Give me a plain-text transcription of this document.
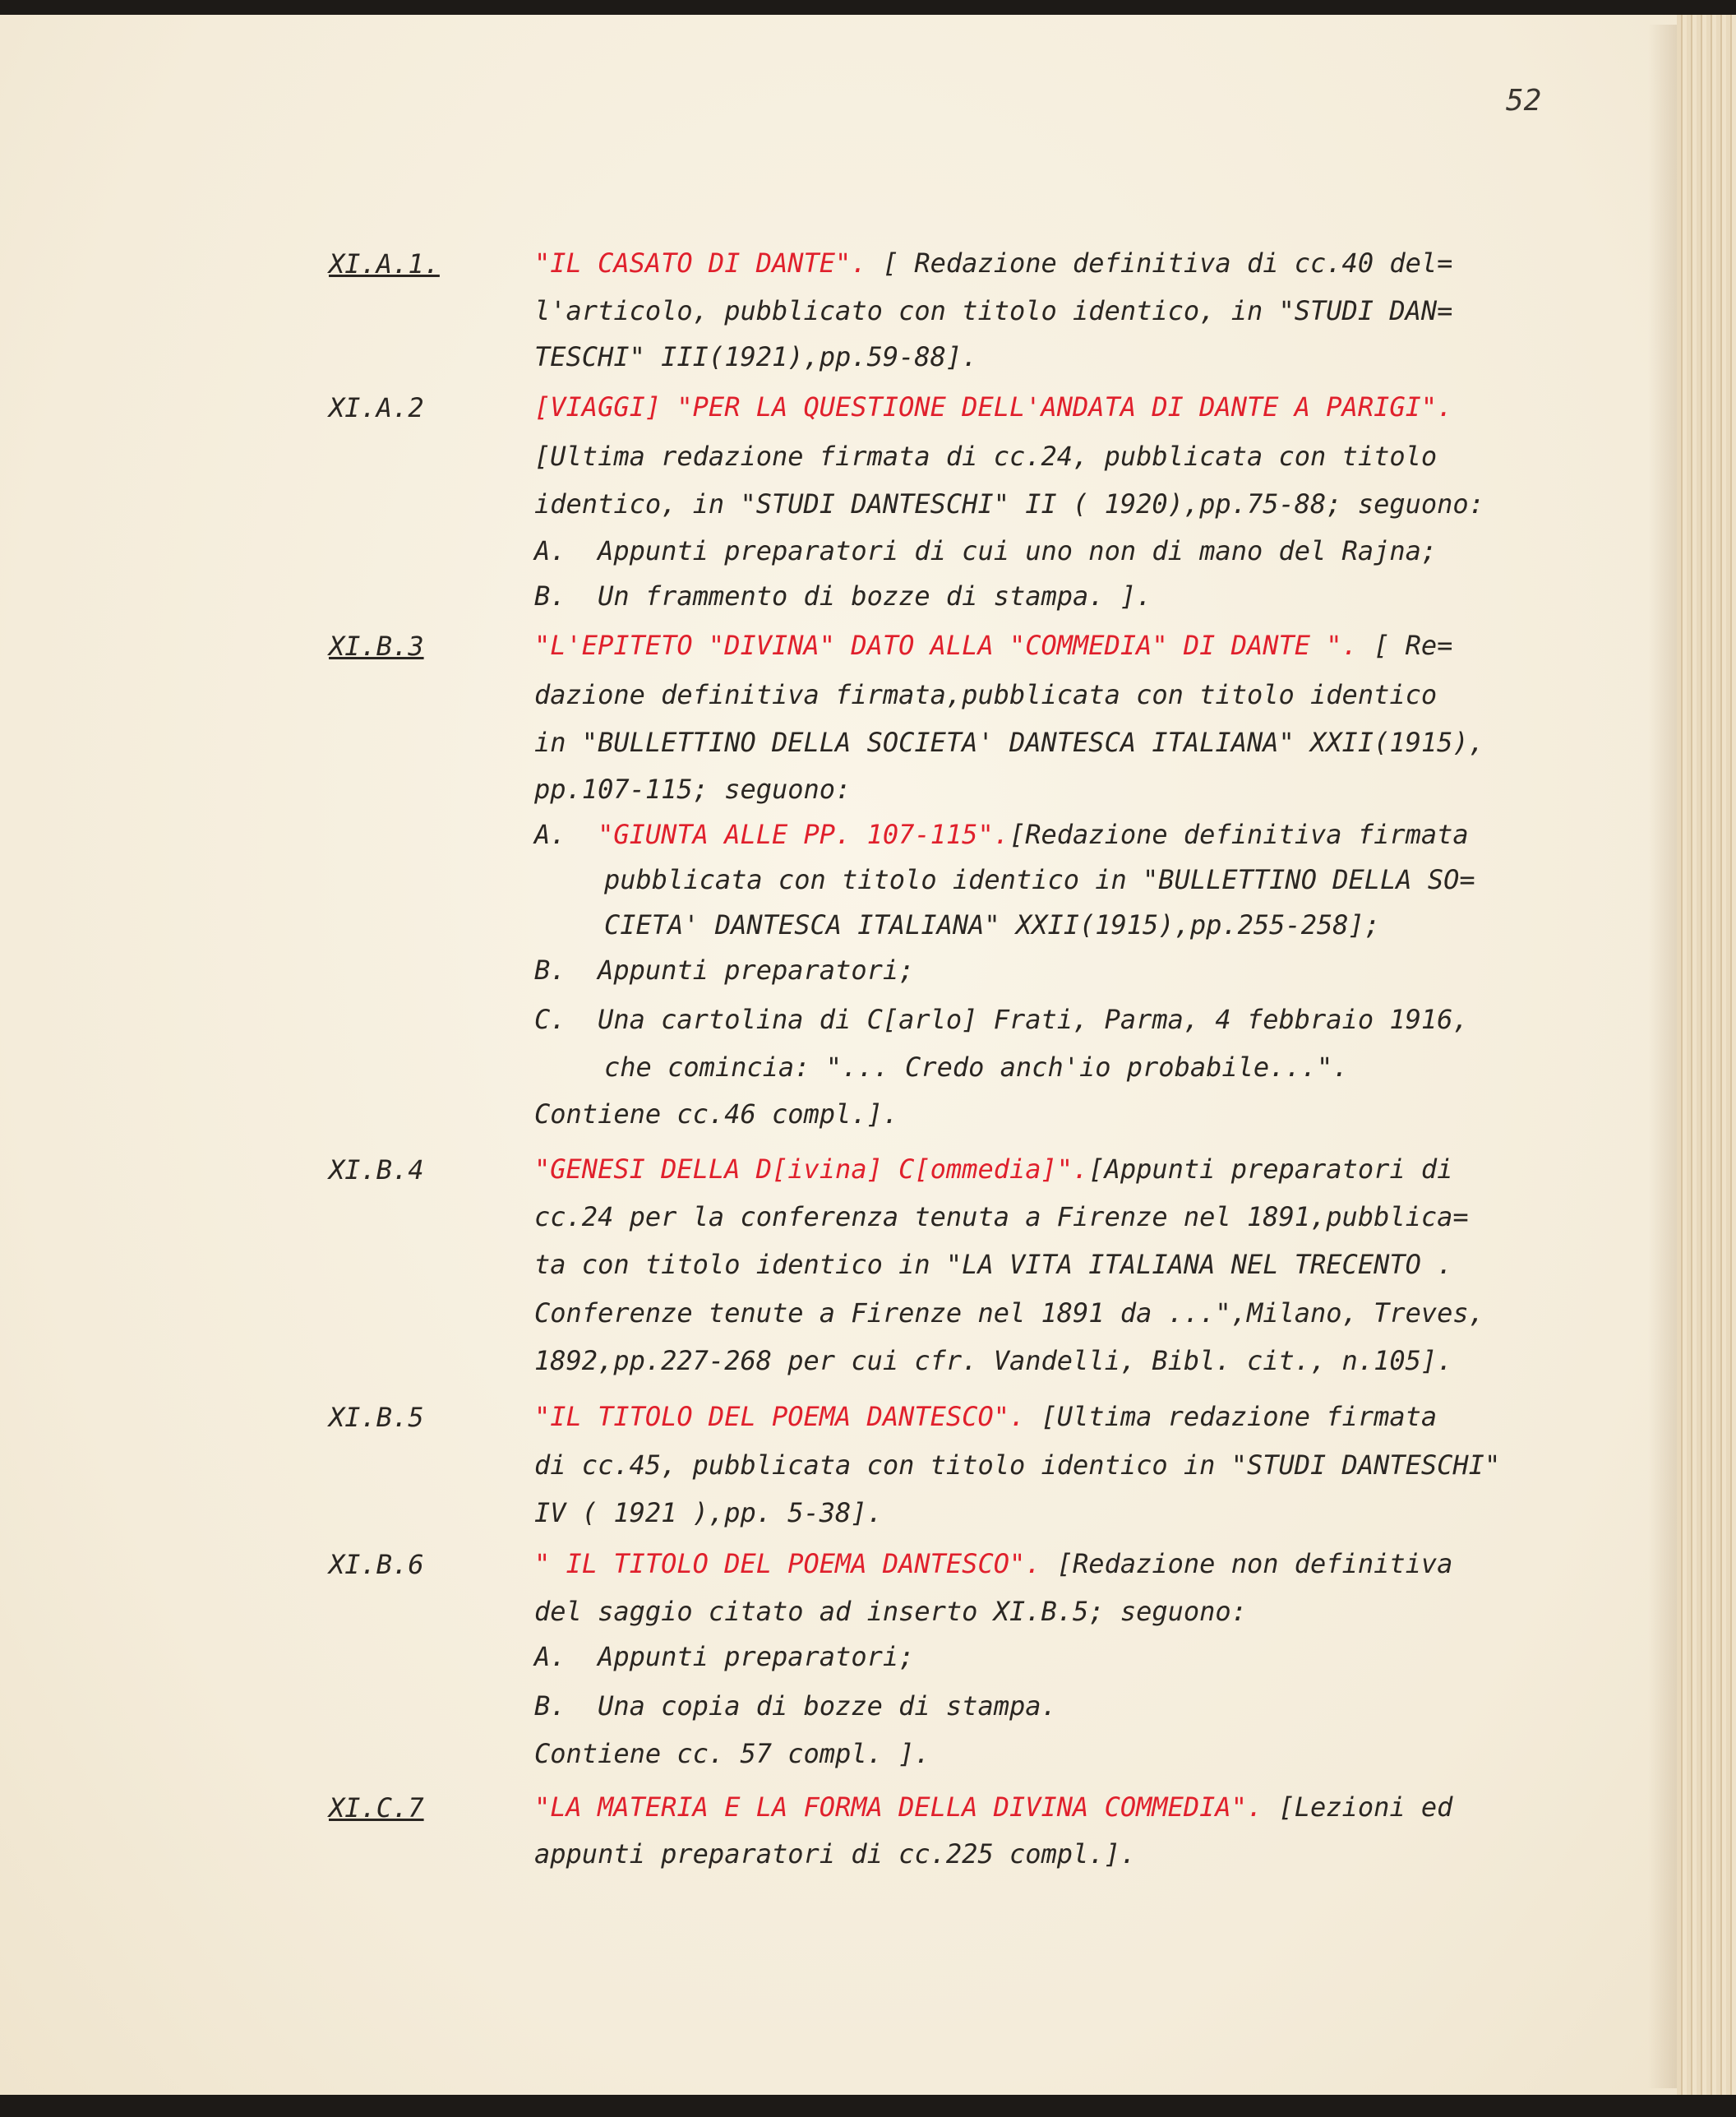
52
XI.A.1.	"IL CASATO DI DANTE". [ Redazione definitiva di cc.40 del=
l'articolo, pubblicato con titolo identico, in "STUDI DAN=
TESCHI" III(1921),pp.59-88].
XI.A.2	[VIAGGI] "PER LA QUESTIONE DELL'ANDATA DI DANTE A PARIGI".
[Ultima redazione firmata di cc.24, pubblicata con titolo
identico, in "STUDI DANTESCHI" II ( 1920),pp.75-88; seguono:
A.  Appunti preparatori di cui uno non di mano del Rajna;
B.  Un frammento di bozze di stampa. ].
XI.B.3	"L'EPITETO "DIVINA" DATO ALLA "COMMEDIA" DI DANTE ". [ Re=
dazione definitiva firmata,pubblicata con titolo identico
in "BULLETTINO DELLA SOCIETA' DANTESCA ITALIANA" XXII(1915),
pp.107-115; seguono:
A.  "GIUNTA ALLE PP. 107-115".[Redazione definitiva firmata
pubblicata con titolo identico in "BULLETTINO DELLA SO=
CIETA' DANTESCA ITALIANA" XXII(1915),pp.255-258];
B.  Appunti preparatori;
C.  Una cartolina di C[arlo] Frati, Parma, 4 febbraio 1916,
che comincia: "... Credo anch'io probabile...".
Contiene cc.46 compl.].
XI.B.4	"GENESI DELLA D[ivina] C[ommedia]".[Appunti preparatori di
cc.24 per la conferenza tenuta a Firenze nel 1891,pubblica=
ta con titolo identico in "LA VITA ITALIANA NEL TRECENTO .
Conferenze tenute a Firenze nel 1891 da ...",Milano, Treves,
1892,pp.227-268 per cui cfr. Vandelli, Bibl. cit., n.105].
XI.B.5	"IL TITOLO DEL POEMA DANTESCO". [Ultima redazione firmata
di cc.45, pubblicata con titolo identico in "STUDI DANTESCHI"
IV ( 1921 ),pp. 5-38].
XI.B.6	" IL TITOLO DEL POEMA DANTESCO". [Redazione non definitiva
del saggio citato ad inserto XI.B.5; seguono:
A.  Appunti preparatori;
B.  Una copia di bozze di stampa.
Contiene cc. 57 compl. ].
XI.C.7	"LA MATERIA E LA FORMA DELLA DIVINA COMMEDIA". [Lezioni ed
appunti preparatori di cc.225 compl.].
